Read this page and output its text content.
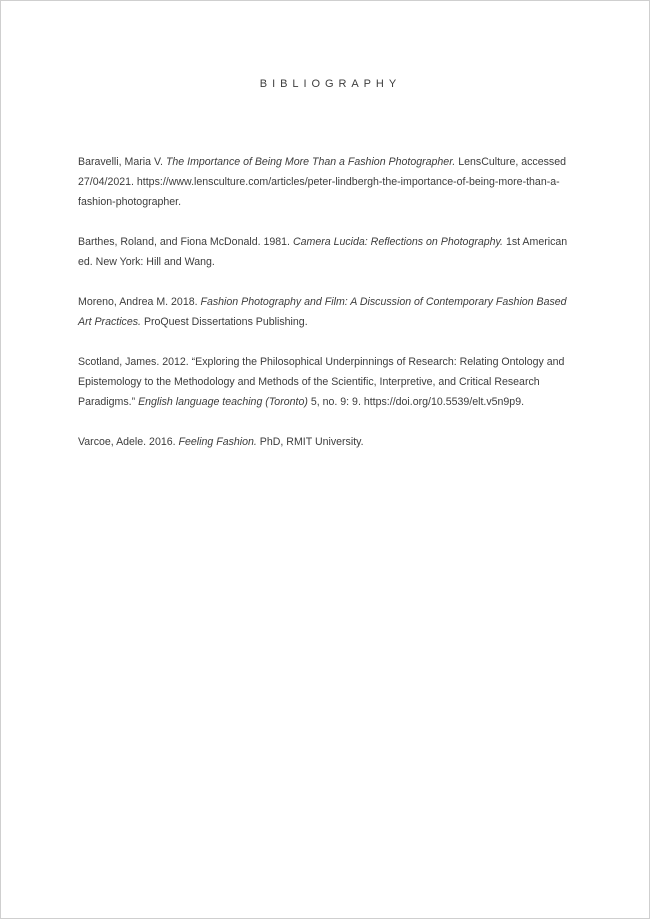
BIBLIOGRAPHY

Baravelli, Maria V. The Importance of Being More Than a Fashion Photographer. LensCulture, accessed 27/04/2021. https://www.lensculture.com/articles/peter-lindbergh-the-importance-of-being-more-than-a-fashion-photographer.

Barthes, Roland, and Fiona McDonald. 1981. Camera Lucida: Reflections on Photography. 1st American ed. New York: Hill and Wang.

Moreno, Andrea M. 2018. Fashion Photography and Film: A Discussion of Contemporary Fashion Based Art Practices. ProQuest Dissertations Publishing.

Scotland, James. 2012. “Exploring the Philosophical Underpinnings of Research: Relating Ontology and Epistemology to the Methodology and Methods of the Scientific, Interpretive, and Critical Research Paradigms.” English language teaching (Toronto) 5, no. 9: 9. https://doi.org/10.5539/elt.v5n9p9.

Varcoe, Adele. 2016. Feeling Fashion. PhD, RMIT University.
